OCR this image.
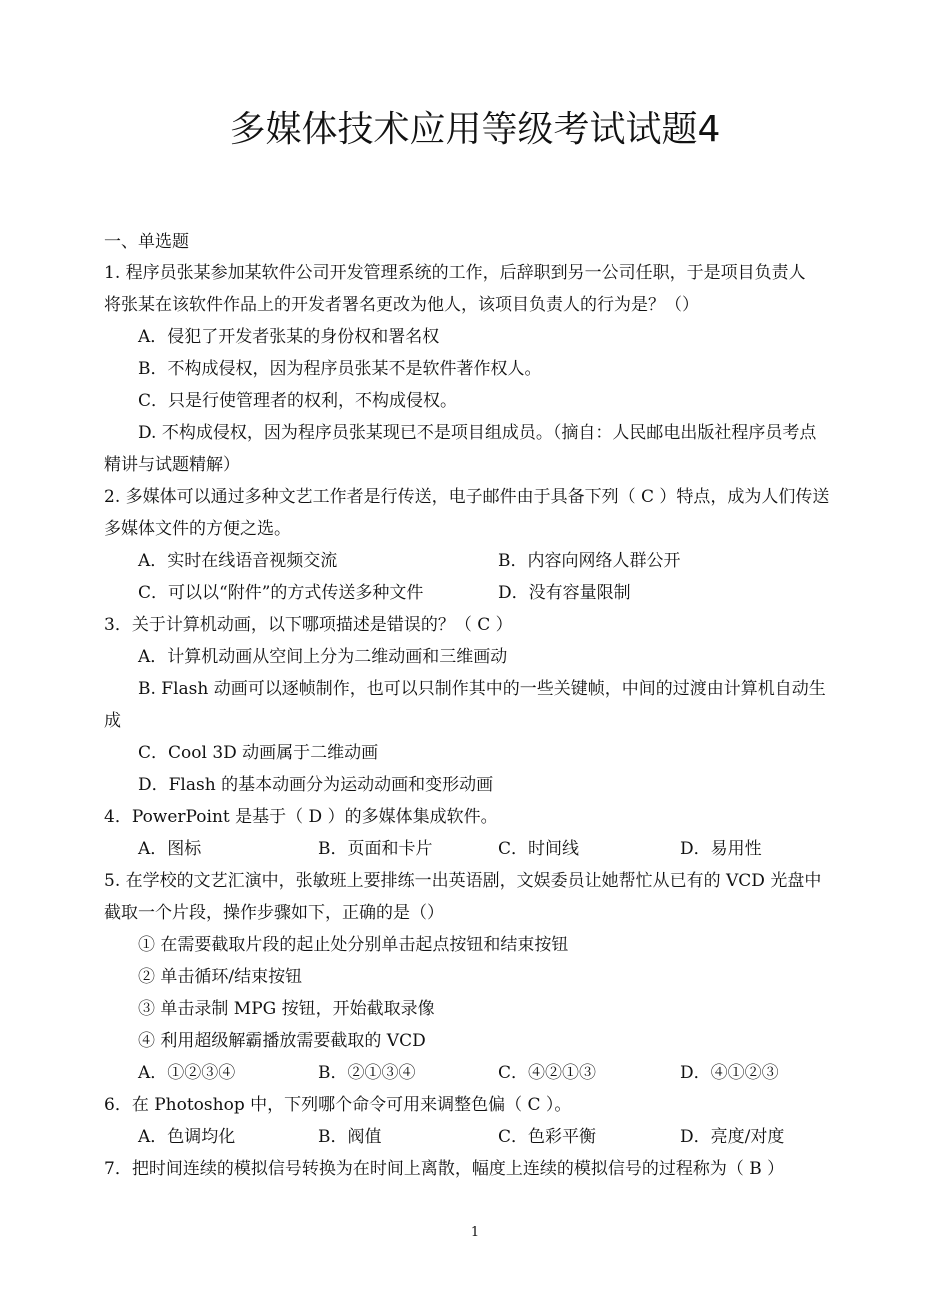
多媒体技术应用等级考试试题4
一、单选题
1. 程序员张某参加某软件公司开发管理系统的工作，后辞职到另一公司任职，于是项目负责人
将张某在该软件作品上的开发者署名更改为他人，该项目负责人的行为是？（）
A．侵犯了开发者张某的身份权和署名权
B．不构成侵权，因为程序员张某不是软件著作权人。
C．只是行使管理者的权利，不构成侵权。
D. 不构成侵权，因为程序员张某现已不是项目组成员。（摘自：人民邮电出版社程序员考点
精讲与试题精解）
2. 多媒体可以通过多种文艺工作者是行传送，电子邮件由于具备下列（ C ）特点，成为人们传送
多媒体文件的方便之选。
A．实时在线语音视频交流	B．内容向网络人群公开
C．可以以“附件”的方式传送多种文件	D．没有容量限制
3．关于计算机动画，以下哪项描述是错误的？（ C ）
A．计算机动画从空间上分为二维动画和三维画动
B. Flash 动画可以逐帧制作，也可以只制作其中的一些关键帧，中间的过渡由计算机自动生
成
C．Cool 3D 动画属于二维动画
D．Flash 的基本动画分为运动动画和变形动画
4．PowerPoint 是基于（ D ）的多媒体集成软件。
A．图标	B．页面和卡片	C．时间线	D．易用性
5. 在学校的文艺汇演中，张敏班上要排练一出英语剧，文娱委员让她帮忙从已有的 VCD 光盘中
截取一个片段，操作步骤如下，正确的是（）
① 在需要截取片段的起止处分别单击起点按钮和结束按钮
② 单击循环/结束按钮
③ 单击录制 MPG 按钮，开始截取录像
④ 利用超级解霸播放需要截取的 VCD
A．①②③④	B．②①③④	C．④②①③	D．④①②③
6．在 Photoshop 中，下列哪个命令可用来调整色偏（ C ）。
A．色调均化	B．阀值	C．色彩平衡	D．亮度/对度
7．把时间连续的模拟信号转换为在时间上离散，幅度上连续的模拟信号的过程称为（ B ）
1
